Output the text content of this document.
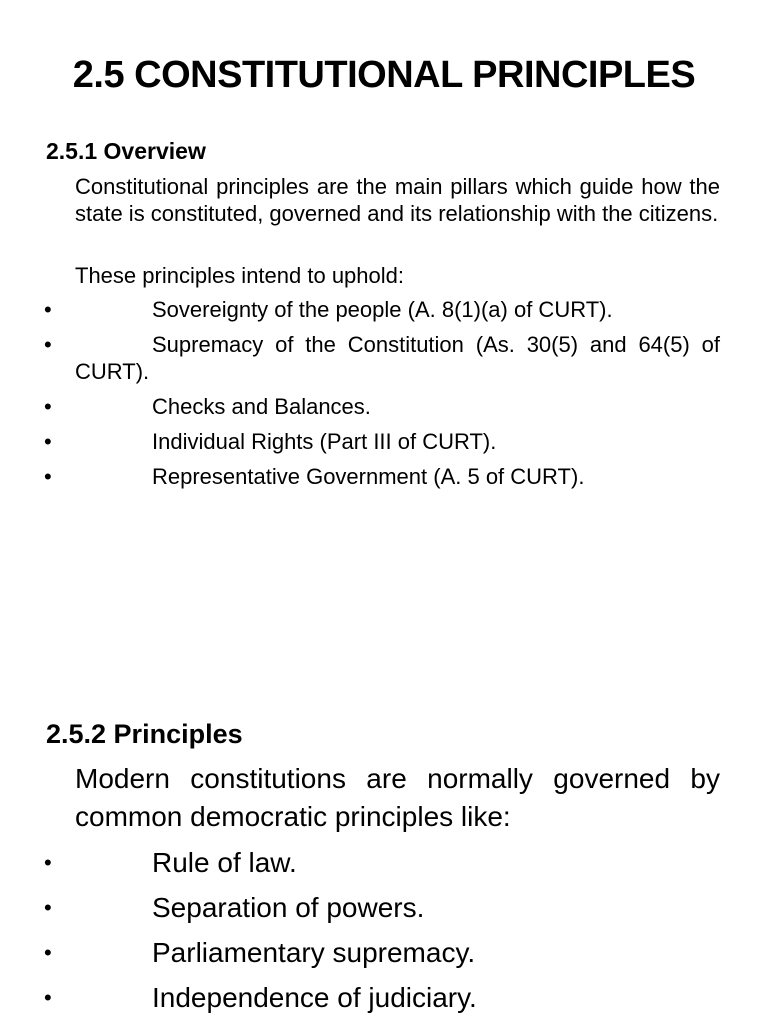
2.5 CONSTITUTIONAL PRINCIPLES
2.5.1 Overview

Constitutional principles are the main pillars which guide how the state is constituted, governed and its relationship with the citizens.

These principles intend to uphold:

•	Sovereignty of the people (A. 8(1)(a) of CURT).
•	Supremacy of the Constitution (As. 30(5) and 64(5) of CURT).
•	Checks and Balances.
•	Individual Rights (Part III of CURT).
•	Representative Government (A. 5 of CURT).
2.5.2 Principles

Modern constitutions are normally governed by common democratic principles like:

•	Rule of law.
•	Separation of powers.
•	Parliamentary supremacy.
•	Independence of judiciary.
